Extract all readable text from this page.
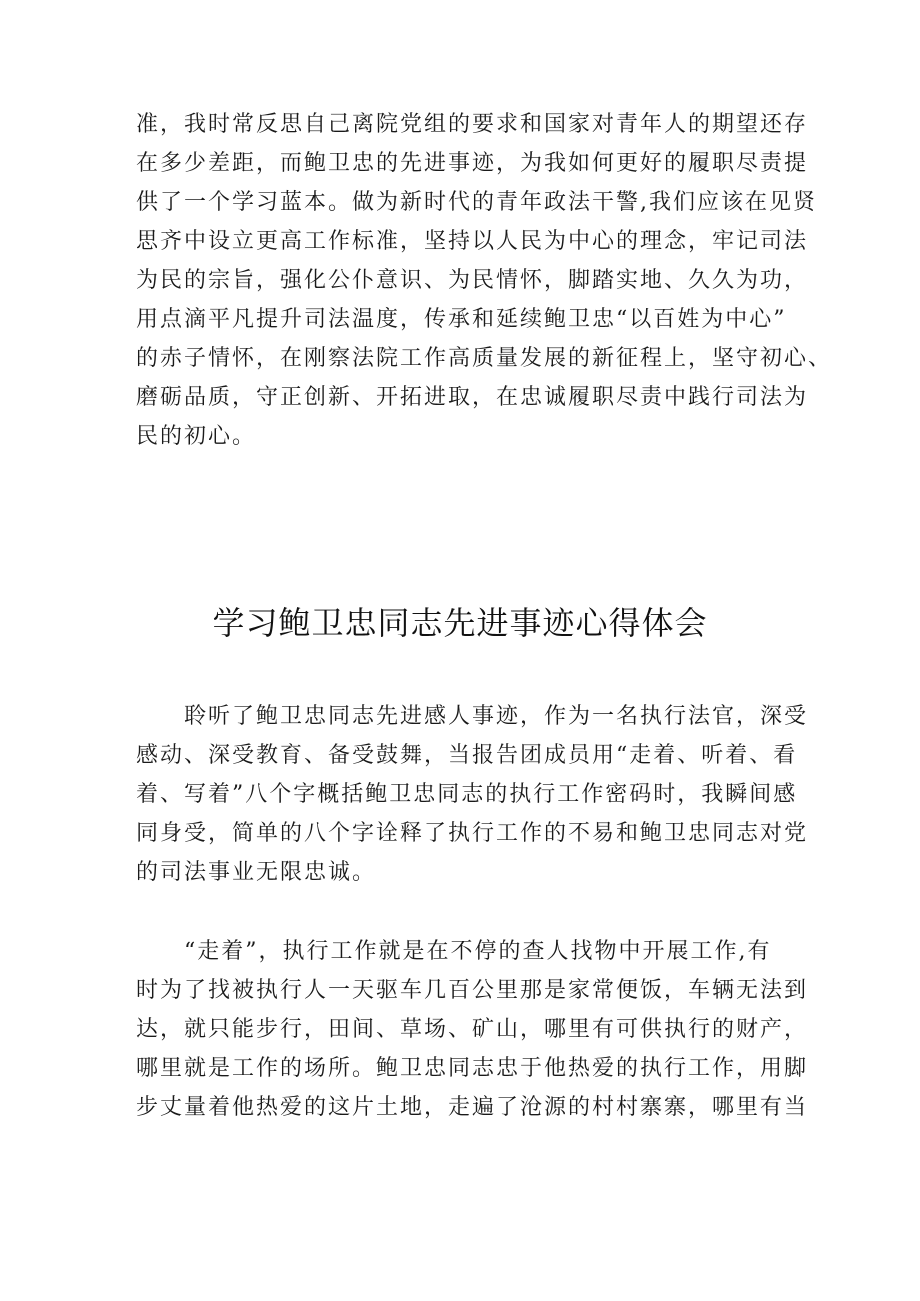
准，我时常反思自己离院党组的要求和国家对青年人的期望还存
在多少差距，而鲍卫忠的先进事迹，为我如何更好的履职尽责提
供了一个学习蓝本。做为新时代的青年政法干警,我们应该在见贤
思齐中设立更高工作标准，坚持以人民为中心的理念，牢记司法
为民的宗旨，强化公仆意识、为民情怀，脚踏实地、久久为功，
用点滴平凡提升司法温度，传承和延续鲍卫忠“以百姓为中心”
的赤子情怀，在刚察法院工作高质量发展的新征程上，坚守初心、
磨砺品质，守正创新、开拓进取，在忠诚履职尽责中践行司法为
民的初心。
学习鲍卫忠同志先进事迹心得体会
聆听了鲍卫忠同志先进感人事迹，作为一名执行法官，深受
感动、深受教育、备受鼓舞，当报告团成员用“走着、听着、看
着、写着”八个字概括鲍卫忠同志的执行工作密码时，我瞬间感
同身受，简单的八个字诠释了执行工作的不易和鲍卫忠同志对党
的司法事业无限忠诚。
“走着”，执行工作就是在不停的查人找物中开展工作,有
时为了找被执行人一天驱车几百公里那是家常便饭，车辆无法到
达，就只能步行，田间、草场、矿山，哪里有可供执行的财产，
哪里就是工作的场所。鲍卫忠同志忠于他热爱的执行工作，用脚
步丈量着他热爱的这片土地，走遍了沧源的村村寨寨，哪里有当
